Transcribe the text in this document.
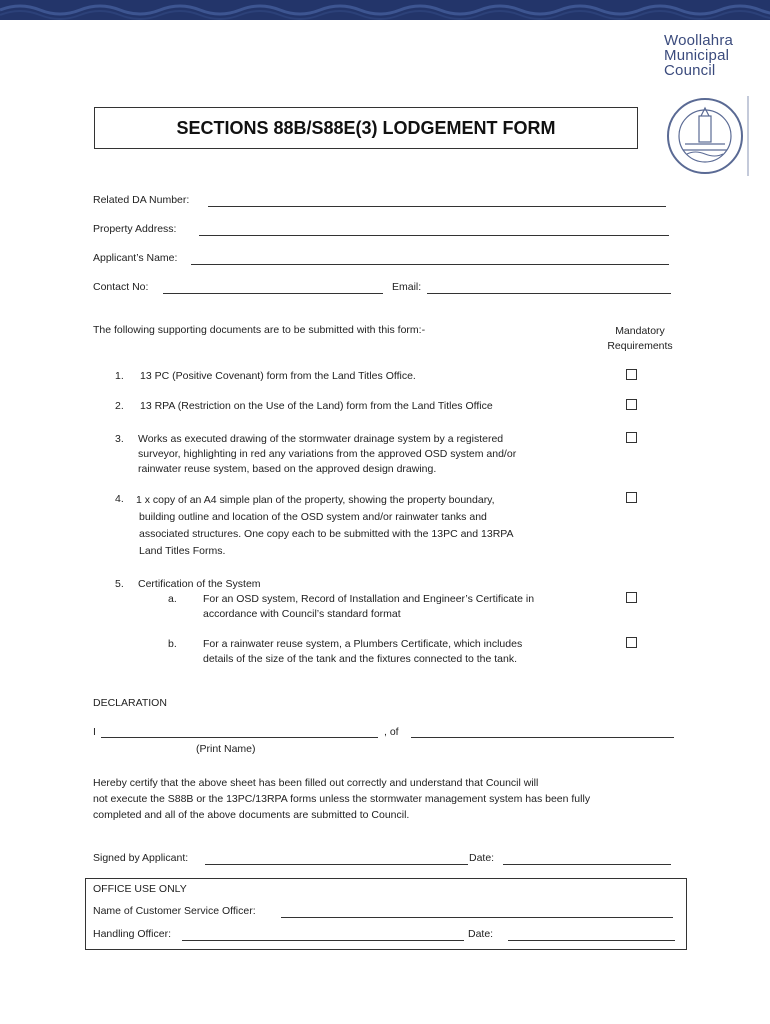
Woollahra
Municipal
Council
SECTIONS 88B/S88E(3) LODGEMENT FORM
Related DA Number:
Property Address:
Applicant’s Name:
Contact No:	Email:
The following supporting documents are to be submitted with this form:-	Mandatory
Requirements
1. 13 PC (Positive Covenant) form from the Land Titles Office.
2. 13 RPA (Restriction on the Use of the Land) form from the Land Titles Office
3. Works as executed drawing of the stormwater drainage system by a registered
surveyor, highlighting in red any variations from the approved OSD system and/or
rainwater reuse system, based on the approved design drawing.
4. 1 x copy of an A4 simple plan of the property, showing the property boundary,
building outline and location of the OSD system and/or rainwater tanks and
associated structures. One copy each to be submitted with the 13PC and 13RPA
Land Titles Forms.
5. Certification of the System
a. For an OSD system, Record of Installation and Engineer’s Certificate in
accordance with Council’s standard format
b. For a rainwater reuse system, a Plumbers Certificate, which includes
details of the size of the tank and the fixtures connected to the tank.
DECLARATION
I	, of
(Print Name)
Hereby certify that the above sheet has been filled out correctly and understand that Council will
not execute the S88B or the 13PC/13RPA forms unless the stormwater management system has been fully
completed and all of the above documents are submitted to Council.
Signed by Applicant:	Date:
OFFICE USE ONLY
Name of Customer Service Officer:
Handling Officer:	Date:
